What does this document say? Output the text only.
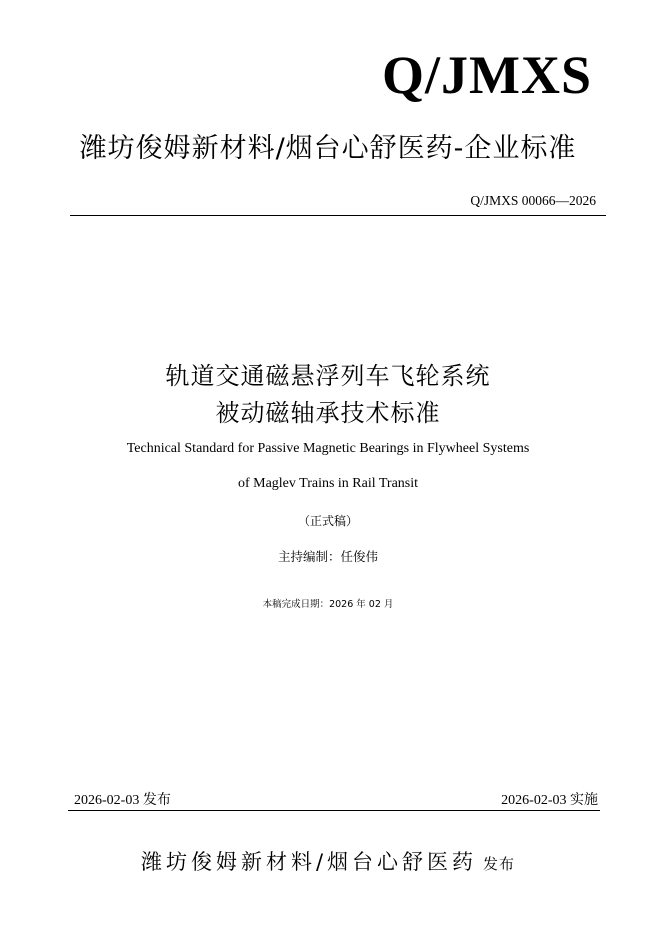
Q/JMXS
潍坊俊姆新材料/烟台心舒医药-企业标准
Q/JMXS 00066—2026
轨道交通磁悬浮列车飞轮系统
被动磁轴承技术标准
Technical Standard for Passive Magnetic Bearings in Flywheel Systems
of Maglev Trains in Rail Transit
（正式稿）
主持编制：任俊伟
本稿完成日期：2026 年 02 月
2026-02-03 发布	2026-02-03 实施
潍坊俊姆新材料/烟台心舒医药 发布
